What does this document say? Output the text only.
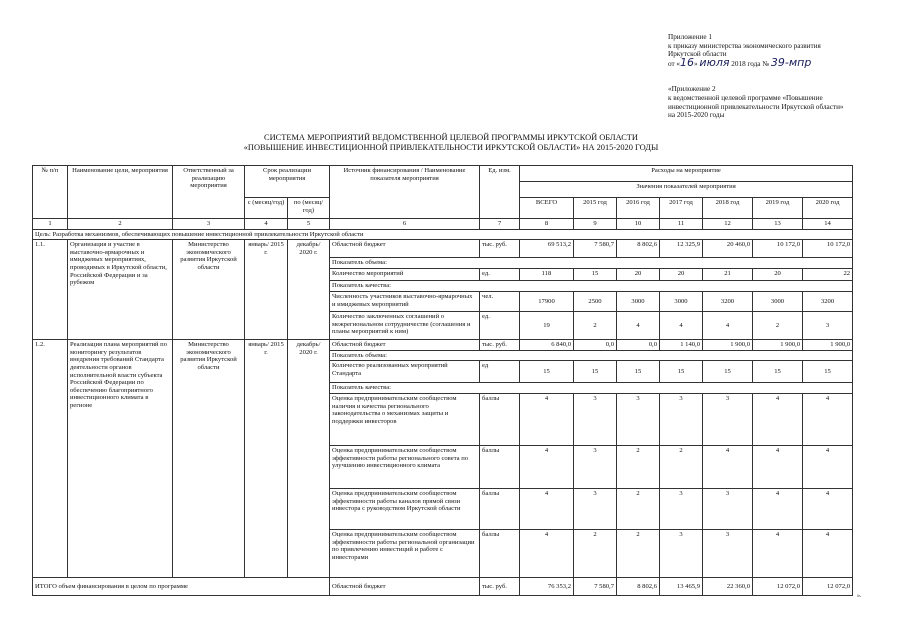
Приложение 1
к приказу министерства экономического развития
Иркутской области
от «16» июля 2018 года № 39-мпр
«Приложение 2
к ведомственной целевой программе «Повышение
инвестиционной привлекательности Иркутской области»
на 2015-2020 годы
СИСТЕМА МЕРОПРИЯТИЙ ВЕДОМСТВЕННОЙ ЦЕЛЕВОЙ ПРОГРАММЫ ИРКУТСКОЙ ОБЛАСТИ
«ПОВЫШЕНИЕ ИНВЕСТИЦИОННОЙ ПРИВЛЕКАТЕЛЬНОСТИ ИРКУТСКОЙ ОБЛАСТИ» НА 2015-2020 ГОДЫ
№ п/п	Наименование цели, мероприятия	Ответственный за реализацию мероприятия	Срок реализации мероприятия		Источник финансирования / Наименование показателя мероприятия	Ед. изм.	Расходы на мероприятие						
							Значения показателей мероприятия						
			с (месяц/год)	по (месяц/год)			ВСЕГО	2015 год	2016 год	2017 год	2018 год	2019 год	2020 год
1	2	3	4	5	6	7	8	9	10	11	12	13	14
Цель: Разработка механизмов, обеспечивающих повышение инвестиционной привлекательности Иркутской области													
1.1.	Организация и участие в выставочно-ярмарочных и имиджевых мероприятиях, проводимых в Иркутской области, Российской Федерации и за рубежом	Министерство экономического развития Иркутской области	январь/ 2015 г.	декабрь/ 2020 г.	Областной бюджет	тыс. руб.	69 513,2	7 580,7	8 802,6	12 325,9	20 460,0	10 172,0	10 172,0
					Показатель объема:								
					Количество мероприятий	ед.	118	15	20	20	21	20	22
					Показатель качества:								
					Численность участников выставочно-ярмарочных и имиджевых мероприятий	чел.	17900	2500	3000	3000	3200	3000	3200
					Количество заключенных соглашений о межрегиональном сотрудничестве (соглашения и планы мероприятий к ним)	ед.	19	2	4	4	4	2	3
1.2.	Реализация плана мероприятий по мониторингу результатов внедрения требований Стандарта деятельности органов исполнительной власти субъекта Российской Федерации по обеспечению благоприятного инвестиционного климата в регионе	Министерство экономического развития Иркутской области	январь/ 2015 г.	декабрь/ 2020 г.	Областной бюджет	тыс. руб.	6 840,0	0,0	0,0	1 140,0	1 900,0	1 900,0	1 900,0
					Показатель объема:								
					Количество реализованных мероприятий Стандарта	ед	15	15	15	15	15	15	15
					Показатель качества:								
					Оценка предпринимательским сообществом наличия и качества регионального законодательства о механизмах защиты и поддержки инвесторов	баллы	4	3	3	3	3	4	4
					Оценка предпринимательским сообществом эффективности работы регионального совета по улучшению инвестиционного климата	баллы	4	3	2	2	4	4	4
					Оценка предпринимательским сообществом эффективности работы каналов прямой связи инвестора с руководством Иркутской области	баллы	4	3	2	3	3	4	4
					Оценка предпринимательским сообществом эффективности работы региональной организации по привлечению инвестиций и работе с инвесторами	баллы	4	2	2	3	3	4	4
ИТОГО объем финансирования в целом по программе					Областной бюджет	тыс. руб.	76 353,2	7 580,7	8 802,6	13 465,9	22 360,0	12 072,0	12 072,0
».
